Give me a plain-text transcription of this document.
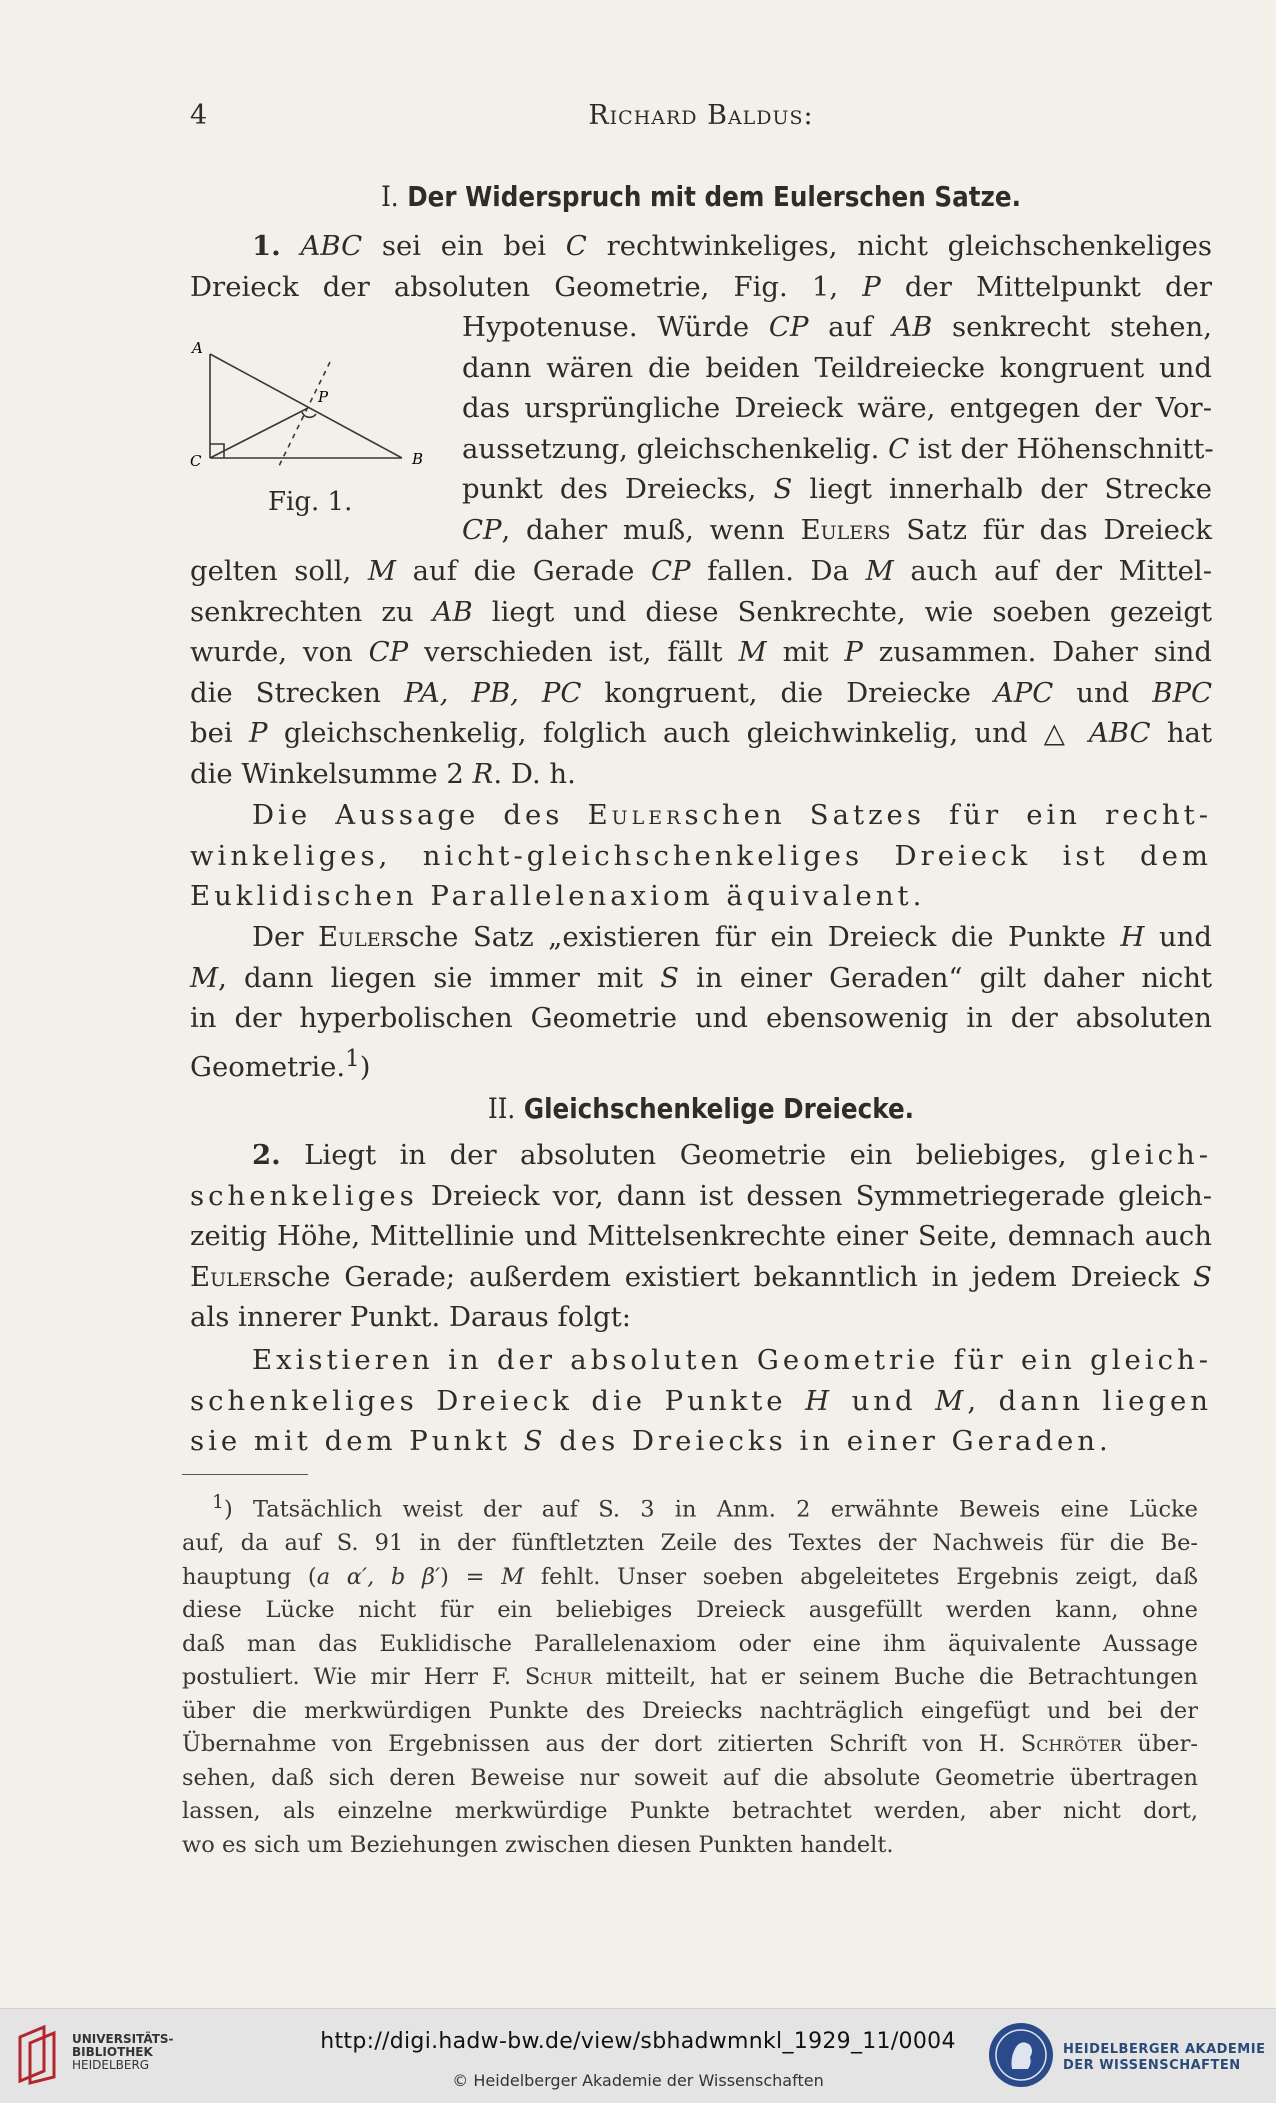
4	Richard Baldus:
I. Der Widerspruch mit dem Eulerschen Satze.
1. ABC sei ein bei C rechtwinkeliges, nicht gleichschenkeliges
Dreieck der absoluten Geometrie, Fig. 1, P der Mittelpunkt der
A
B
C
P
Fig. 1.
Hypotenuse. Würde CP auf AB senkrecht stehen,
dann wären die beiden Teildreiecke kongruent und
das ursprüngliche Dreieck wäre, entgegen der Vor-
aussetzung, gleichschenkelig. C ist der Höhenschnitt-
punkt des Dreiecks, S liegt innerhalb der Strecke
CP, daher muß, wenn Eulers Satz für das Dreieck
gelten soll, M auf die Gerade CP fallen. Da M auch auf der Mittel-
senkrechten zu AB liegt und diese Senkrechte, wie soeben gezeigt
wurde, von CP verschieden ist, fällt M mit P zusammen. Daher sind
die Strecken PA, PB, PC kongruent, die Dreiecke APC und BPC
bei P gleichschenkelig, folglich auch gleichwinkelig, und △ ABC hat
die Winkelsumme 2 R. D. h.
Die Aussage des Eulerschen Satzes für ein recht-
winkeliges, nicht-gleichschenkeliges Dreieck ist dem
Euklidischen Parallelenaxiom äquivalent.
Der Eulersche Satz „existieren für ein Dreieck die Punkte H und
M, dann liegen sie immer mit S in einer Geraden“ gilt daher nicht
in der hyperbolischen Geometrie und ebensowenig in der absoluten
Geometrie.$^1$)
II. Gleichschenkelige Dreiecke.
2. Liegt in der absoluten Geometrie ein beliebiges, gleich-
schenkeliges Dreieck vor, dann ist dessen Symmetriegerade gleich-
zeitig Höhe, Mittellinie und Mittelsenkrechte einer Seite, demnach auch
Eulersche Gerade; außerdem existiert bekanntlich in jedem Dreieck S
als innerer Punkt. Daraus folgt:
Existieren in der absoluten Geometrie für ein gleich-
schenkeliges Dreieck die Punkte H und M, dann liegen
sie mit dem Punkt S des Dreiecks in einer Geraden.
$^1$) Tatsächlich weist der auf S. 3 in Anm. 2 erwähnte Beweis eine Lücke
auf, da auf S. 91 in der fünftletzten Zeile des Textes der Nachweis für die Be-
hauptung (a α′, b β′) = M fehlt. Unser soeben abgeleitetes Ergebnis zeigt, daß
diese Lücke nicht für ein beliebiges Dreieck ausgefüllt werden kann, ohne
daß man das Euklidische Parallelenaxiom oder eine ihm äquivalente Aussage
postuliert. Wie mir Herr F. Schur mitteilt, hat er seinem Buche die Betrachtungen
über die merkwürdigen Punkte des Dreiecks nachträglich eingefügt und bei der
Übernahme von Ergebnissen aus der dort zitierten Schrift von H. Schröter über-
sehen, daß sich deren Beweise nur soweit auf die absolute Geometrie übertragen
lassen, als einzelne merkwürdige Punkte betrachtet werden, aber nicht dort,
wo es sich um Beziehungen zwischen diesen Punkten handelt.
UNIVERSITÄTS-
BIBLIOTHEK
HEIDELBERG
http://digi.hadw-bw.de/view/sbhadwmnkl_1929_11/0004
© Heidelberger Akademie der Wissenschaften
HEIDELBERGER AKADEMIE
DER WISSENSCHAFTEN
